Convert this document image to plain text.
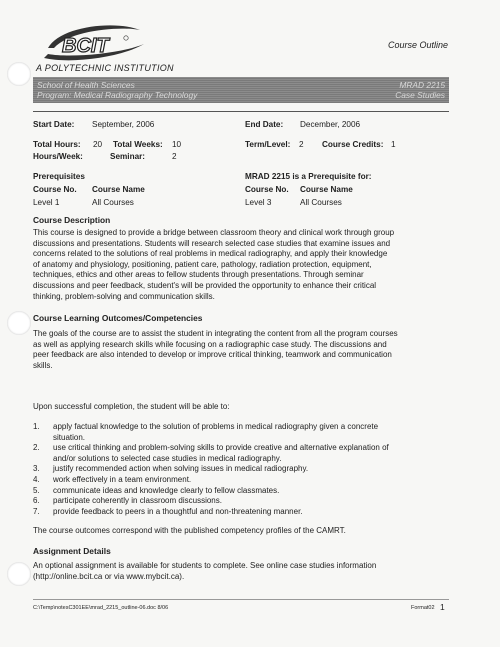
BCIT
A POLYTECHNIC INSTITUTION
Course Outline
School of Health Sciences
Program: Medical Radiography Technology
MRAD 2215
Case Studies
Start Date: September, 2006	End Date: December, 2006
Total Hours: 20 Total Weeks: 10	Term/Level: 2 Course Credits: 1
Hours/Week:	Seminar:	2
Prerequisites
Course No. Course Name
Level 1	All Courses
MRAD 2215 is a Prerequisite for:
Course No. Course Name
Level 3	All Courses
Course Description
This course is designed to provide a bridge between classroom theory and clinical work through group
discussions and presentations. Students will research selected case studies that examine issues and
concerns related to the solutions of real problems in medical radiography, and apply their knowledge
of anatomy and physiology, positioning, patient care, pathology, radiation protection, equipment,
techniques, ethics and other areas to fellow students through presentations. Through seminar
discussions and peer feedback, student's will be provided the opportunity to enhance their critical
thinking, problem-solving and communication skills.
Course Learning Outcomes/Competencies
The goals of the course are to assist the student in integrating the content from all the program courses
as well as applying research skills while focusing on a radiographic case study. The discussions and
peer feedback are also intended to develop or improve critical thinking, teamwork and communication
skills.
Upon successful completion, the student will be able to:
1. apply factual knowledge to the solution of problems in medical radiography given a concrete
situation.
2. use critical thinking and problem-solving skills to provide creative and alternative explanation of
and/or solutions to selected case studies in medical radiography.
3. justify recommended action when solving issues in medical radiography.
4. work effectively in a team environment.
5. communicate ideas and knowledge clearly to fellow classmates.
6. participate coherently in classroom discussions.
7. provide feedback to peers in a thoughtful and non-threatening manner.
The course outcomes correspond with the published competency profiles of the CAMRT.
Assignment Details
An optional assignment is available for students to complete. See online case studies information
(http://online.bcit.ca or via www.mybcit.ca).
C:\Temp\notesC301EE\mrad_2215_outline-06.doc 8/06	Format02 1
